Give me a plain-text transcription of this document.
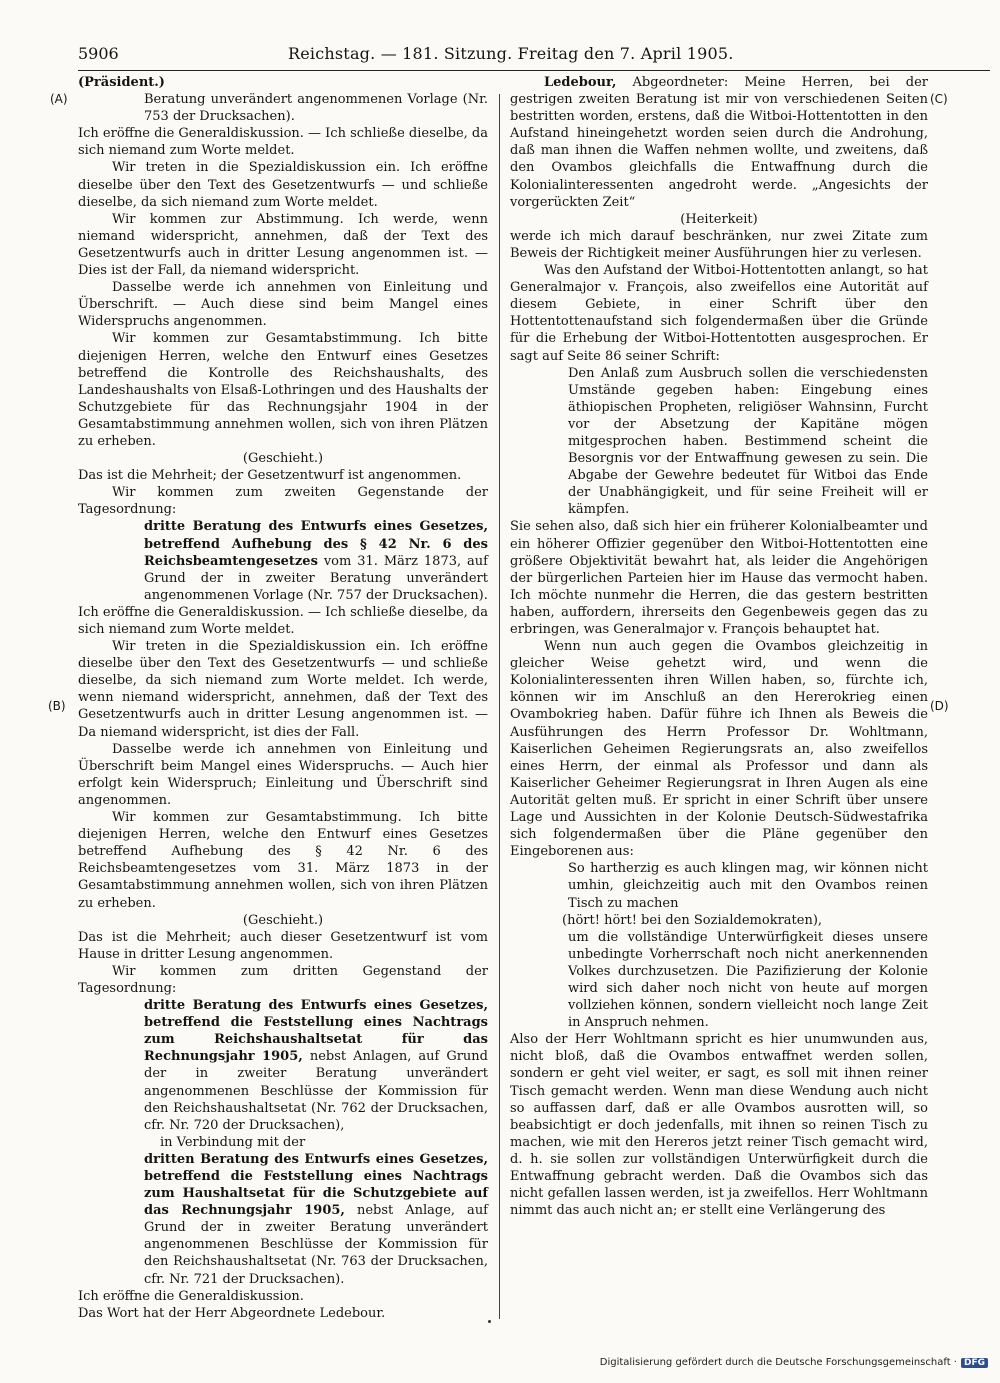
5906	Reichstag. — 181. Sitzung. Freitag den 7. April 1905.
(A)
(B)
(C)
(D)

(Präsident.)

Beratung unverändert angenommenen Vorlage (Nr. 753 der Drucksachen).

Ich eröffne die Generaldiskussion. — Ich schließe dieselbe, da sich niemand zum Worte meldet.

Wir treten in die Spezialdiskussion ein. Ich eröffne dieselbe über den Text des Gesetzentwurfs — und schließe dieselbe, da sich niemand zum Worte meldet.

Wir kommen zur Abstimmung. Ich werde, wenn niemand widerspricht, annehmen, daß der Text des Gesetzentwurfs auch in dritter Lesung angenommen ist. — Dies ist der Fall, da niemand widerspricht.

Dasselbe werde ich annehmen von Einleitung und Überschrift. — Auch diese sind beim Mangel eines Widerspruchs angenommen.

Wir kommen zur Gesamtabstimmung. Ich bitte diejenigen Herren, welche den Entwurf eines Gesetzes betreffend die Kontrolle des Reichshaushalts, des Landeshaushalts von Elsaß-Lothringen und des Haushalts der Schutzgebiete für das Rechnungsjahr 1904 in der Gesamtabstimmung annehmen wollen, sich von ihren Plätzen zu erheben.

(Geschieht.)

Das ist die Mehrheit; der Gesetzentwurf ist angenommen.

Wir kommen zum zweiten Gegenstande der Tagesordnung:

dritte Beratung des Entwurfs eines Gesetzes, betreffend Aufhebung des § 42 Nr. 6 des Reichsbeamtengesetzes vom 31. März 1873, auf Grund der in zweiter Beratung unverändert angenommenen Vorlage (Nr. 757 der Drucksachen).

Ich eröffne die Generaldiskussion. — Ich schließe dieselbe, da sich niemand zum Worte meldet.

Wir treten in die Spezialdiskussion ein. Ich eröffne dieselbe über den Text des Gesetzentwurfs — und schließe dieselbe, da sich niemand zum Worte meldet. Ich werde, wenn niemand widerspricht, annehmen, daß der Text des Gesetzentwurfs auch in dritter Lesung angenommen ist. — Da niemand widerspricht, ist dies der Fall.

Dasselbe werde ich annehmen von Einleitung und Überschrift beim Mangel eines Widerspruchs. — Auch hier erfolgt kein Widerspruch; Einleitung und Überschrift sind angenommen.

Wir kommen zur Gesamtabstimmung. Ich bitte diejenigen Herren, welche den Entwurf eines Gesetzes betreffend Aufhebung des § 42 Nr. 6 des Reichsbeamtengesetzes vom 31. März 1873 in der Gesamtabstimmung annehmen wollen, sich von ihren Plätzen zu erheben.

(Geschieht.)

Das ist die Mehrheit; auch dieser Gesetzentwurf ist vom Hause in dritter Lesung angenommen.

Wir kommen zum dritten Gegenstand der Tagesordnung:

dritte Beratung des Entwurfs eines Gesetzes, betreffend die Feststellung eines Nachtrags zum Reichshaushaltsetat für das Rechnungsjahr 1905, nebst Anlagen, auf Grund der in zweiter Beratung unverändert angenommenen Beschlüsse der Kommission für den Reichshaushaltsetat (Nr. 762 der Drucksachen, cfr. Nr. 720 der Drucksachen),

in Verbindung mit der

dritten Beratung des Entwurfs eines Gesetzes, betreffend die Feststellung eines Nachtrags zum Haushaltsetat für die Schutzgebiete auf das Rechnungsjahr 1905, nebst Anlage, auf Grund der in zweiter Beratung unverändert angenommenen Beschlüsse der Kommission für den Reichshaushaltsetat (Nr. 763 der Drucksachen, cfr. Nr. 721 der Drucksachen).

Ich eröffne die Generaldiskussion.

Das Wort hat der Herr Abgeordnete Ledebour.

Ledebour, Abgeordneter: Meine Herren, bei der gestrigen zweiten Beratung ist mir von verschiedenen Seiten bestritten worden, erstens, daß die Witboi-Hottentotten in den Aufstand hineingehetzt worden seien durch die Androhung, daß man ihnen die Waffen nehmen wollte, und zweitens, daß den Ovambos gleichfalls die Entwaffnung durch die Kolonialinteressenten angedroht werde. „Angesichts der vorgerückten Zeit“

(Heiterkeit)

werde ich mich darauf beschränken, nur zwei Zitate zum Beweis der Richtigkeit meiner Ausführungen hier zu verlesen.

Was den Aufstand der Witboi-Hottentotten anlangt, so hat Generalmajor v. François, also zweifellos eine Autorität auf diesem Gebiete, in einer Schrift über den Hottentottenaufstand sich folgendermaßen über die Gründe für die Erhebung der Witboi-Hottentotten ausgesprochen. Er sagt auf Seite 86 seiner Schrift:

Den Anlaß zum Ausbruch sollen die verschiedensten Umstände gegeben haben: Eingebung eines äthiopischen Propheten, religiöser Wahnsinn, Furcht vor der Absetzung der Kapitäne mögen mitgesprochen haben. Bestimmend scheint die Besorgnis vor der Entwaffnung gewesen zu sein. Die Abgabe der Gewehre bedeutet für Witboi das Ende der Unabhängigkeit, und für seine Freiheit will er kämpfen.

Sie sehen also, daß sich hier ein früherer Kolonialbeamter und ein höherer Offizier gegenüber den Witboi-Hottentotten eine größere Objektivität bewahrt hat, als leider die Angehörigen der bürgerlichen Parteien hier im Hause das vermocht haben. Ich möchte nunmehr die Herren, die das gestern bestritten haben, auffordern, ihrerseits den Gegenbeweis gegen das zu erbringen, was Generalmajor v. François behauptet hat.

Wenn nun auch gegen die Ovambos gleichzeitig in gleicher Weise gehetzt wird, und wenn die Kolonialinteressenten ihren Willen haben, so, fürchte ich, können wir im Anschluß an den Hererokrieg einen Ovambokrieg haben. Dafür führe ich Ihnen als Beweis die Ausführungen des Herrn Professor Dr. Wohltmann, Kaiserlichen Geheimen Regierungsrats an, also zweifellos eines Herrn, der einmal als Professor und dann als Kaiserlicher Geheimer Regierungsrat in Ihren Augen als eine Autorität gelten muß. Er spricht in einer Schrift über unsere Lage und Aussichten in der Kolonie Deutsch-Südwestafrika sich folgendermaßen über die Pläne gegenüber den Eingeborenen aus:

So hartherzig es auch klingen mag, wir können nicht umhin, gleichzeitig auch mit den Ovambos reinen Tisch zu machen

(hört! hört! bei den Sozialdemokraten),

um die vollständige Unterwürfigkeit dieses unsere unbedingte Vorherrschaft noch nicht anerkennenden Volkes durchzusetzen. Die Pazifizierung der Kolonie wird sich daher noch nicht von heute auf morgen vollziehen können, sondern vielleicht noch lange Zeit in Anspruch nehmen.

Also der Herr Wohltmann spricht es hier unumwunden aus, nicht bloß, daß die Ovambos entwaffnet werden sollen, sondern er geht viel weiter, er sagt, es soll mit ihnen reiner Tisch gemacht werden. Wenn man diese Wendung auch nicht so auffassen darf, daß er alle Ovambos ausrotten will, so beabsichtigt er doch jedenfalls, mit ihnen so reinen Tisch zu machen, wie mit den Hereros jetzt reiner Tisch gemacht wird, d. h. sie sollen zur vollständigen Unterwürfigkeit durch die Entwaffnung gebracht werden. Daß die Ovambos sich das nicht gefallen lassen werden, ist ja zweifellos. Herr Wohltmann nimmt das auch nicht an; er stellt eine Verlängerung des

Digitalisierung gefördert durch die Deutsche Forschungsgemeinschaft · DFG
